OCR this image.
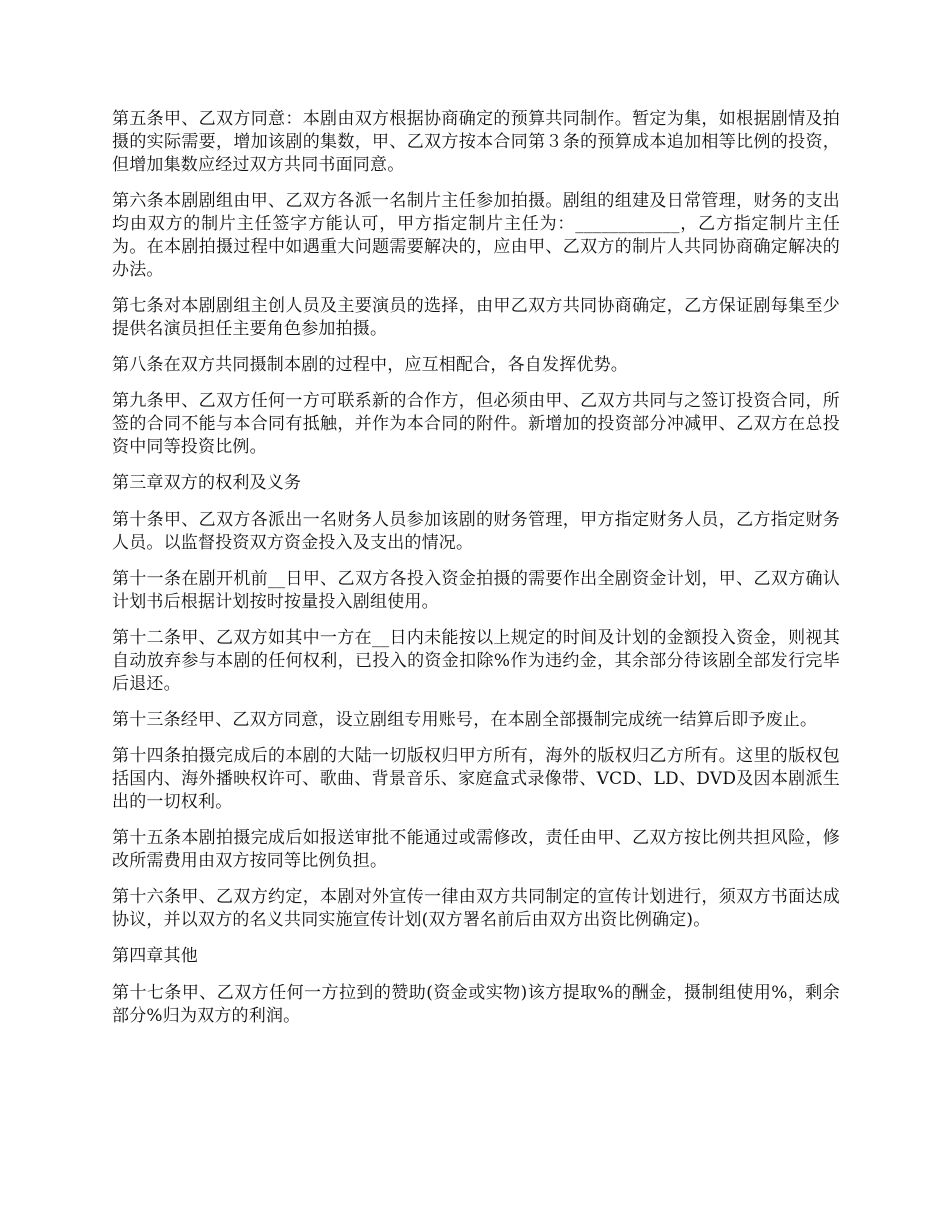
第五条甲、乙双方同意：本剧由双方根据协商确定的预算共同制作。暂定为集，如根据剧情及拍摄的实际需要，增加该剧的集数，甲、乙双方按本合同第３条的预算成本追加相等比例的投资，但增加集数应经过双方共同书面同意。

第六条本剧剧组由甲、乙双方各派一名制片主任参加拍摄。剧组的组建及日常管理，财务的支出均由双方的制片主任签字方能认可，甲方指定制片主任为：____________，乙方指定制片主任为。在本剧拍摄过程中如遇重大问题需要解决的，应由甲、乙双方的制片人共同协商确定解决的办法。

第七条对本剧剧组主创人员及主要演员的选择，由甲乙双方共同协商确定，乙方保证剧每集至少提供名演员担任主要角色参加拍摄。

第八条在双方共同摄制本剧的过程中，应互相配合，各自发挥优势。

第九条甲、乙双方任何一方可联系新的合作方，但必须由甲、乙双方共同与之签订投资合同，所签的合同不能与本合同有抵触，并作为本合同的附件。新增加的投资部分冲减甲、乙双方在总投资中同等投资比例。

第三章双方的权利及义务

第十条甲、乙双方各派出一名财务人员参加该剧的财务管理，甲方指定财务人员，乙方指定财务人员。以监督投资双方资金投入及支出的情况。

第十一条在剧开机前__日甲、乙双方各投入资金拍摄的需要作出全剧资金计划，甲、乙双方确认计划书后根据计划按时按量投入剧组使用。

第十二条甲、乙双方如其中一方在__日内未能按以上规定的时间及计划的金额投入资金，则视其自动放弃参与本剧的任何权利，已投入的资金扣除%作为违约金，其余部分待该剧全部发行完毕后退还。

第十三条经甲、乙双方同意，设立剧组专用账号，在本剧全部摄制完成统一结算后即予废止。

第十四条拍摄完成后的本剧的大陆一切版权归甲方所有，海外的版权归乙方所有。这里的版权包括国内、海外播映权许可、歌曲、背景音乐、家庭盒式录像带、VCD、LD、DVD及因本剧派生出的一切权利。

第十五条本剧拍摄完成后如报送审批不能通过或需修改，责任由甲、乙双方按比例共担风险，修改所需费用由双方按同等比例负担。

第十六条甲、乙双方约定，本剧对外宣传一律由双方共同制定的宣传计划进行，须双方书面达成协议，并以双方的名义共同实施宣传计划(双方署名前后由双方出资比例确定)。

第四章其他

第十七条甲、乙双方任何一方拉到的赞助(资金或实物)该方提取%的酬金，摄制组使用%，剩余部分%归为双方的利润。
